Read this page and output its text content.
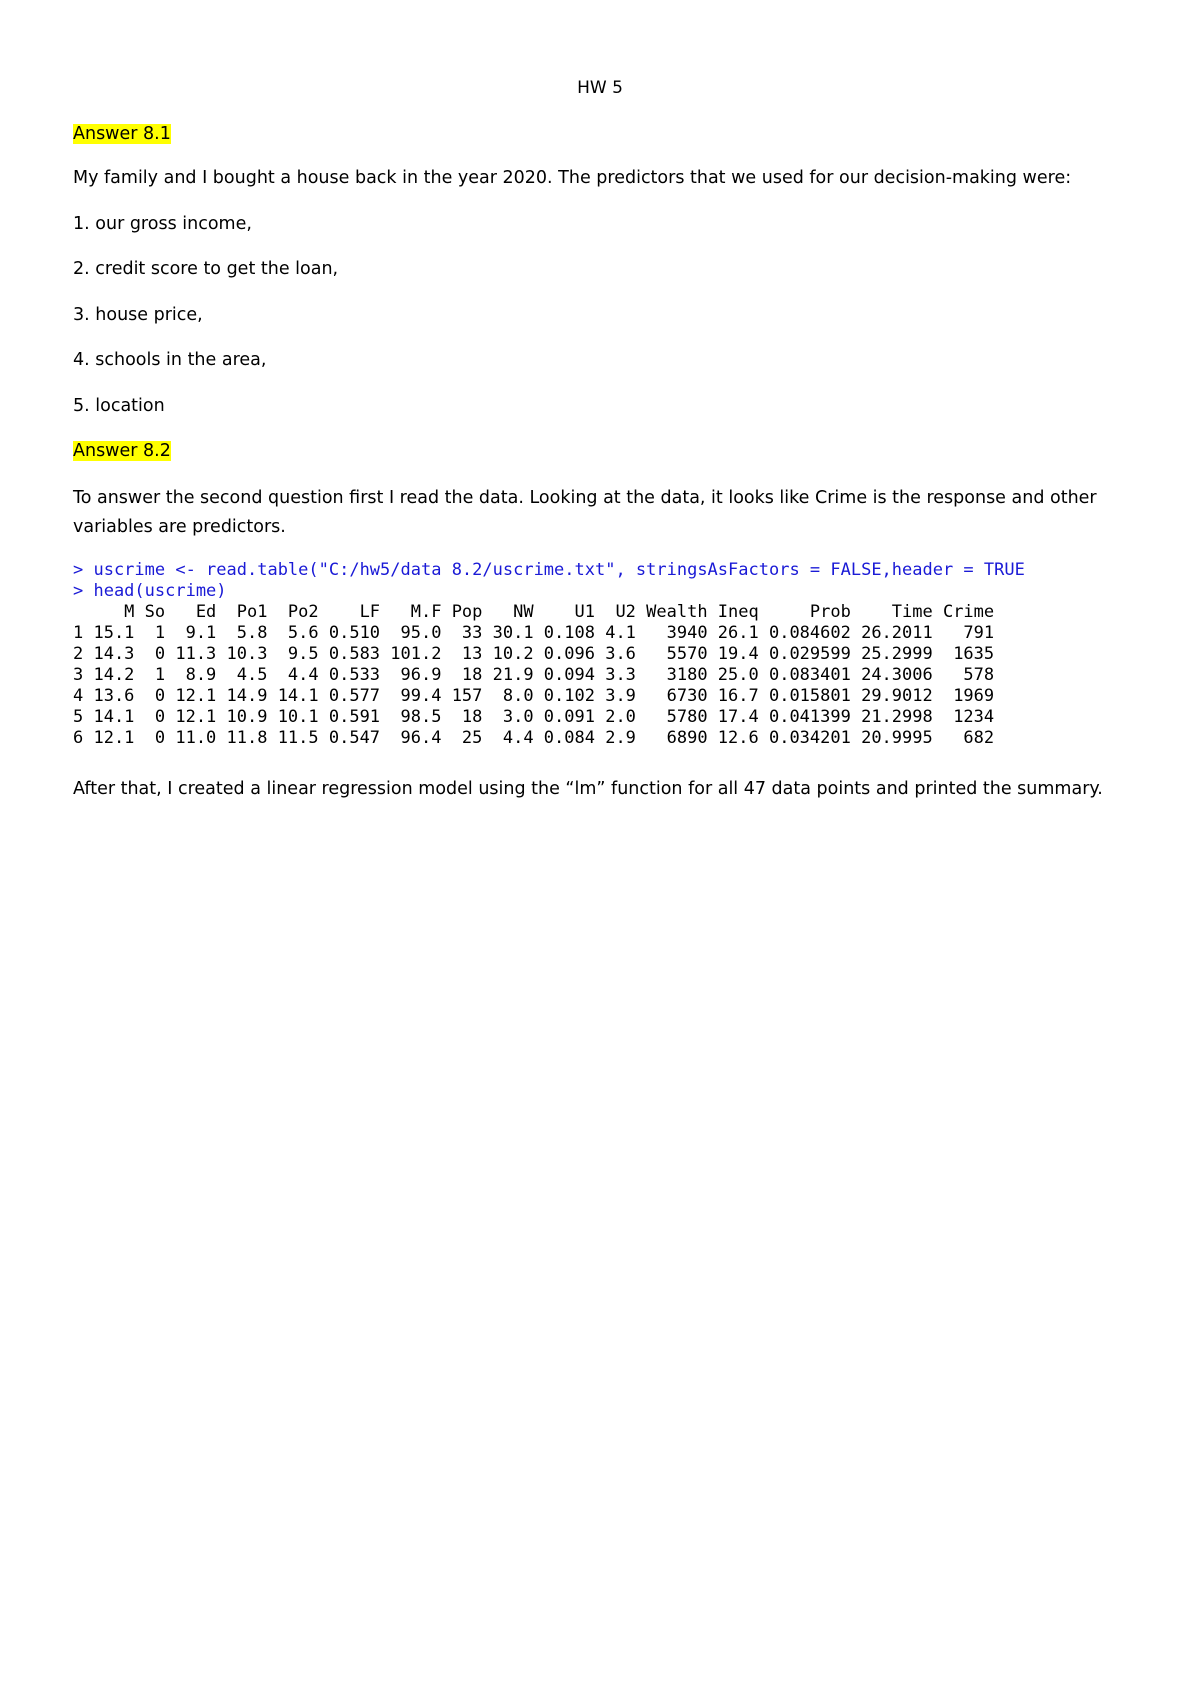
HW 5
Answer 8.1
My family and I bought a house back in the year 2020. The predictors that we used for our decision-making were:
1. our gross income,
2. credit score to get the loan,
3. house price,
4. schools in the area,
5. location
Answer 8.2
To answer the second question first I read the data. Looking at the data, it looks like Crime is the response and other
variables are predictors.
> uscrime <- read.table("C:/hw5/data 8.2/uscrime.txt", stringsAsFactors = FALSE,header = TRUE
> head(uscrime)
M So   Ed  Po1  Po2    LF   M.F Pop   NW    U1  U2 Wealth Ineq     Prob    Time Crime
1 15.1  1  9.1  5.8  5.6 0.510  95.0  33 30.1 0.108 4.1   3940 26.1 0.084602 26.2011   791
2 14.3  0 11.3 10.3  9.5 0.583 101.2  13 10.2 0.096 3.6   5570 19.4 0.029599 25.2999  1635
3 14.2  1  8.9  4.5  4.4 0.533  96.9  18 21.9 0.094 3.3   3180 25.0 0.083401 24.3006   578
4 13.6  0 12.1 14.9 14.1 0.577  99.4 157  8.0 0.102 3.9   6730 16.7 0.015801 29.9012  1969
5 14.1  0 12.1 10.9 10.1 0.591  98.5  18  3.0 0.091 2.0   5780 17.4 0.041399 21.2998  1234
6 12.1  0 11.0 11.8 11.5 0.547  96.4  25  4.4 0.084 2.9   6890 12.6 0.034201 20.9995   682
After that, I created a linear regression model using the “lm” function for all 47 data points and printed the summary.
